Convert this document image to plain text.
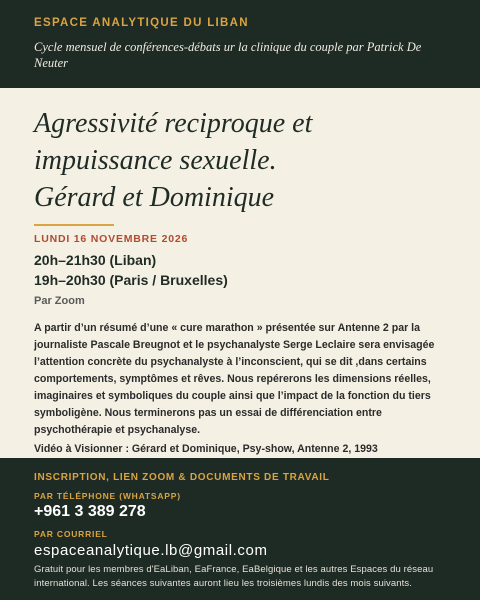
ESPACE ANALYTIQUE DU LIBAN
Cycle mensuel de conférences-débats ur la clinique du couple par Patrick De Neuter
Agressivité reciproque et
impuissance sexuelle.
Gérard et Dominique
LUNDI 16 NOVEMBRE 2026
20h–21h30 (Liban)
19h–20h30 (Paris / Bruxelles)
Par Zoom
A partir d’un résumé d’une « cure marathon » présentée sur Antenne 2 par la journaliste Pascale Breugnot et le psychanalyste Serge Leclaire sera envisagée l’attention concrète du psychanalyste à l’inconscient, qui se dit ,dans certains comportements, symptômes et rêves. Nous repérerons les dimensions réelles, imaginaires et symboliques du couple ainsi que l’impact de la fonction du tiers symboligène. Nous terminerons pas un essai de différenciation entre psychothérapie et psychanalyse.
Vidéo à Visionner : Gérard et Dominique, Psy-show, Antenne 2, 1993
INSCRIPTION, LIEN ZOOM & DOCUMENTS DE TRAVAIL
PAR TÉLÉPHONE (WHATSAPP)
+961 3 389 278
PAR COURRIEL
espaceanalytique.lb@gmail.com
Gratuit pour les membres d'EaLiban, EaFrance, EaBelgique et les autres Espaces du réseau international. Les séances suivantes auront lieu les troisièmes lundis des mois suivants.
